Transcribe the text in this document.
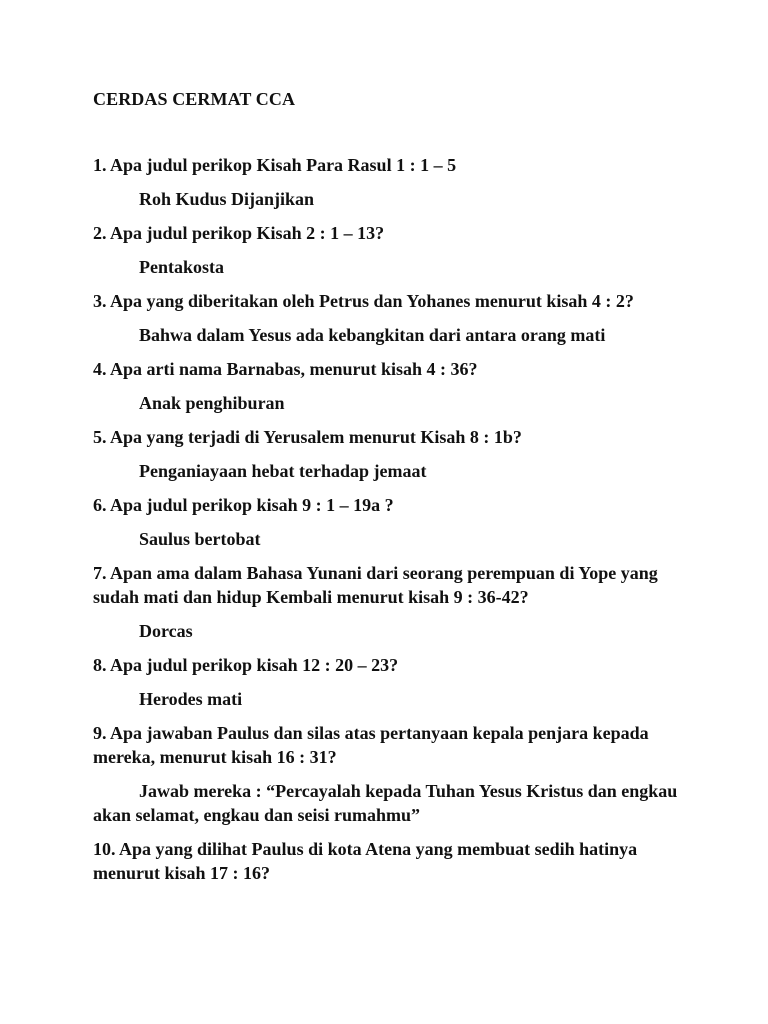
CERDAS CERMAT CCA
1. Apa judul perikop Kisah Para Rasul 1 : 1 – 5
Roh Kudus Dijanjikan
2. Apa judul perikop Kisah 2 : 1 – 13?
Pentakosta
3. Apa yang diberitakan oleh Petrus dan Yohanes menurut kisah 4 : 2?
Bahwa dalam Yesus ada kebangkitan dari antara orang mati
4. Apa arti nama Barnabas, menurut kisah 4 : 36?
Anak penghiburan
5. Apa yang terjadi di Yerusalem menurut Kisah 8 : 1b?
Penganiayaan hebat terhadap jemaat
6. Apa judul perikop kisah 9 : 1 – 19a ?
Saulus bertobat
7. Apan ama dalam Bahasa Yunani dari seorang perempuan di Yope yang sudah mati dan hidup Kembali menurut kisah 9 : 36-42?
Dorcas
8. Apa judul perikop kisah 12 : 20 – 23?
Herodes mati
9. Apa jawaban Paulus dan silas atas pertanyaan kepala penjara kepada mereka, menurut kisah 16 : 31?
Jawab mereka : “Percayalah kepada Tuhan Yesus Kristus dan engkau akan selamat, engkau dan seisi rumahmu”
10. Apa yang dilihat Paulus di kota Atena yang membuat sedih hatinya menurut kisah 17 : 16?
